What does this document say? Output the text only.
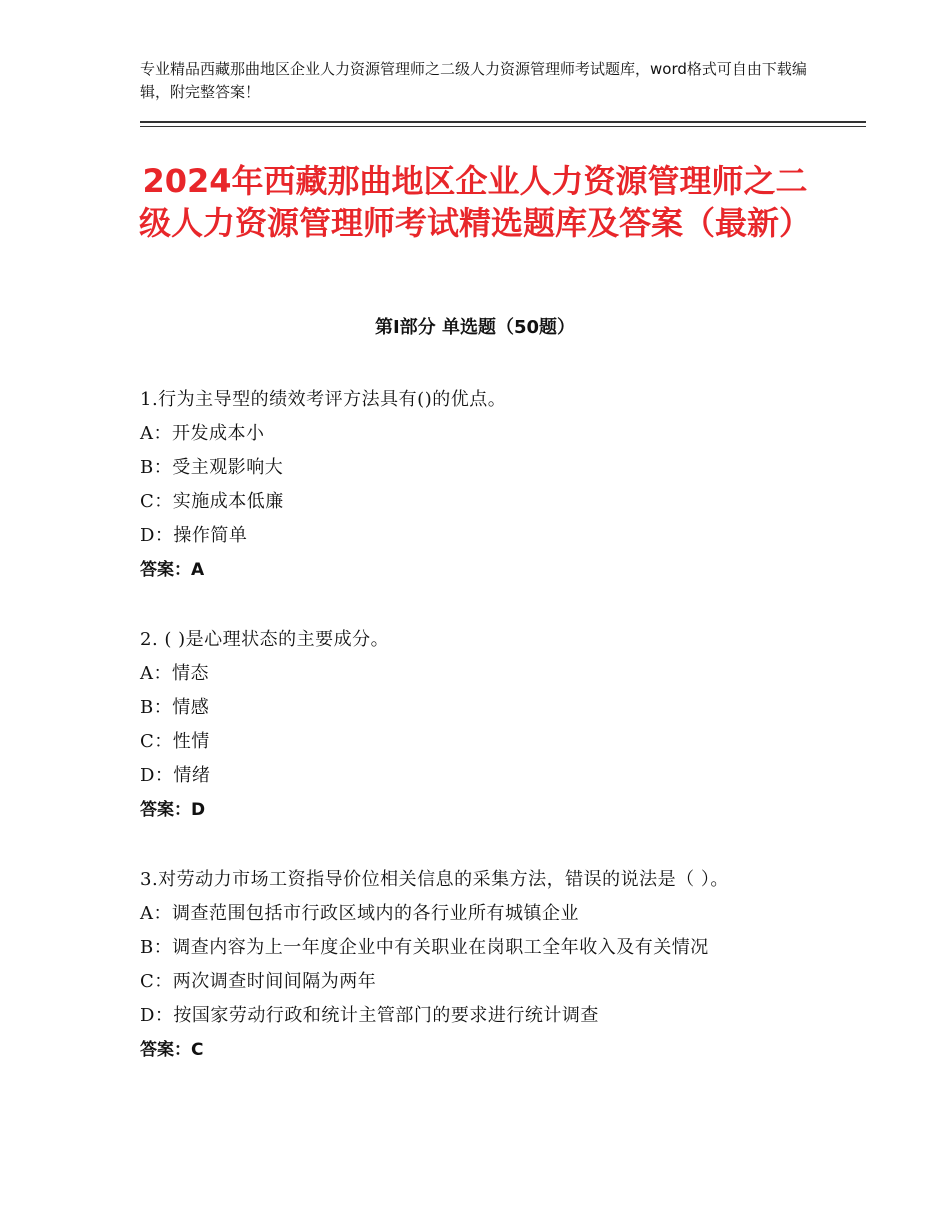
专业精品西藏那曲地区企业人力资源管理师之二级人力资源管理师考试题库，word格式可自由下载编辑，附完整答案！
2024年西藏那曲地区企业人力资源管理师之二级人力资源管理师考试精选题库及答案（最新）
第Ⅰ部分 单选题（50题）
1.行为主导型的绩效考评方法具有()的优点。
A：开发成本小
B：受主观影响大
C：实施成本低廉
D：操作简单
答案：A
2. ( )是心理状态的主要成分。
A：情态
B：情感
C：性情
D：情绪
答案：D
3.对劳动力市场工资指导价位相关信息的采集方法，错误的说法是（ ）。
A：调查范围包括市行政区域内的各行业所有城镇企业
B：调查内容为上一年度企业中有关职业在岗职工全年收入及有关情况
C：两次调查时间间隔为两年
D：按国家劳动行政和统计主管部门的要求进行统计调查
答案：C
